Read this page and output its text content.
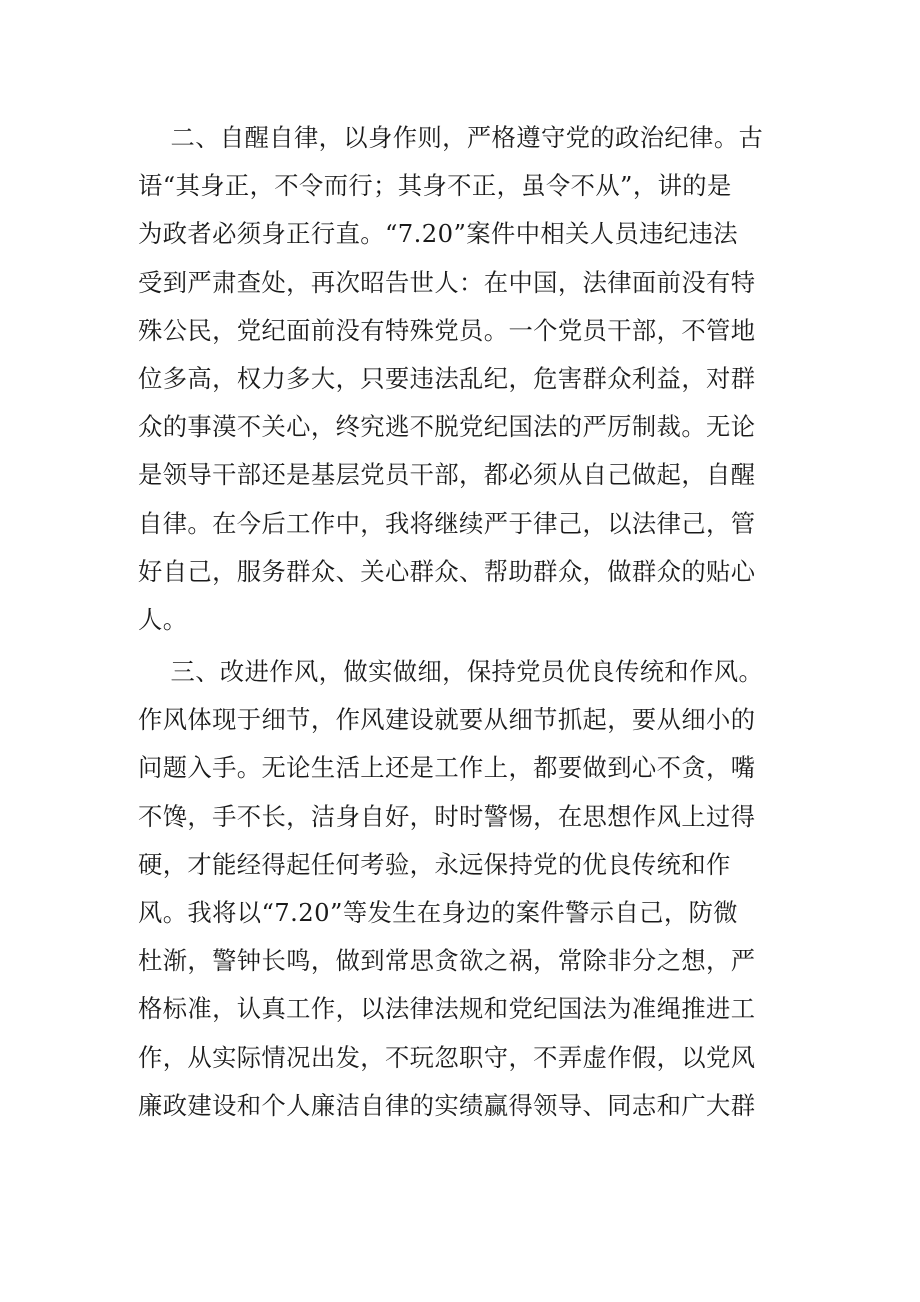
二、自醒自律，以身作则，严格遵守党的政治纪律。古
语“其身正，不令而行；其身不正，虽令不从”，讲的是
为政者必须身正行直。“7.20”案件中相关人员违纪违法
受到严肃查处，再次昭告世人：在中国，法律面前没有特
殊公民，党纪面前没有特殊党员。一个党员干部，不管地
位多高，权力多大，只要违法乱纪，危害群众利益，对群
众的事漠不关心，终究逃不脱党纪国法的严厉制裁。无论
是领导干部还是基层党员干部，都必须从自己做起，自醒
自律。在今后工作中，我将继续严于律己，以法律己，管
好自己，服务群众、关心群众、帮助群众，做群众的贴心
人。
三、改进作风，做实做细，保持党员优良传统和作风。
作风体现于细节，作风建设就要从细节抓起，要从细小的
问题入手。无论生活上还是工作上，都要做到心不贪，嘴
不馋，手不长，洁身自好，时时警惕，在思想作风上过得
硬，才能经得起任何考验，永远保持党的优良传统和作
风。我将以“7.20”等发生在身边的案件警示自己，防微
杜渐，警钟长鸣，做到常思贪欲之祸，常除非分之想，严
格标准，认真工作，以法律法规和党纪国法为准绳推进工
作，从实际情况出发，不玩忽职守，不弄虚作假，以党风
廉政建设和个人廉洁自律的实绩赢得领导、同志和广大群
